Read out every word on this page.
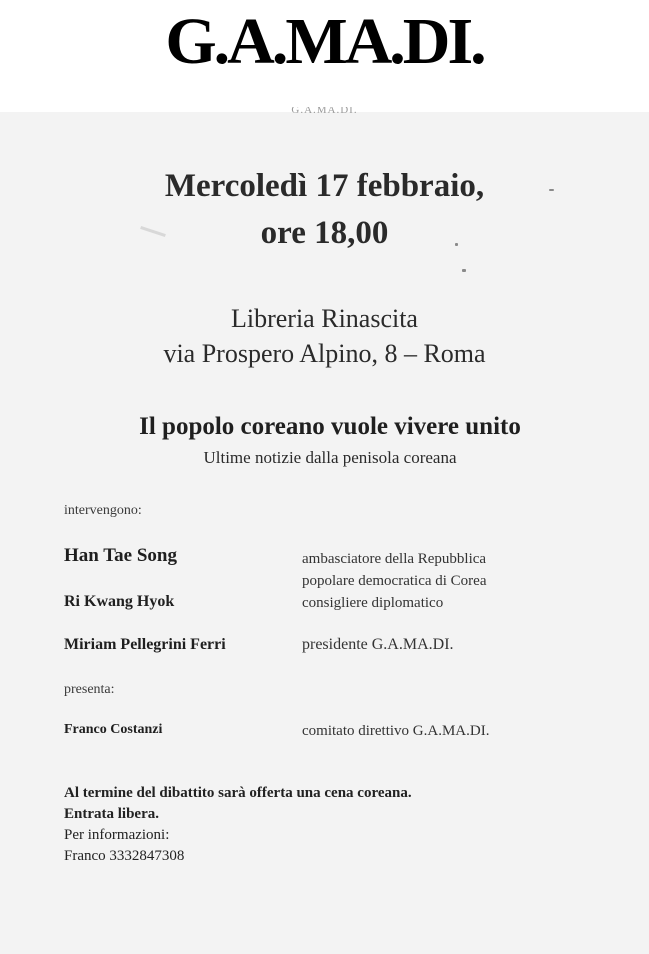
G.A.MA.DI.
G.A.MA.DI.
Mercoledì 17 febbraio,
ore 18,00
Libreria Rinascita
via Prospero Alpino, 8 – Roma
Il popolo coreano vuole vivere unito
Ultime notizie dalla penisola coreana
intervengono:
Han Tae Song	ambasciatore della Repubblica
popolare democratica di Corea
Ri Kwang Hyok	consigliere diplomatico
Miriam Pellegrini Ferri	presidente G.A.MA.DI.
presenta:
Franco Costanzi	comitato direttivo G.A.MA.DI.
Al termine del dibattito sarà offerta una cena coreana.
Entrata libera.
Per informazioni:
Franco 3332847308
